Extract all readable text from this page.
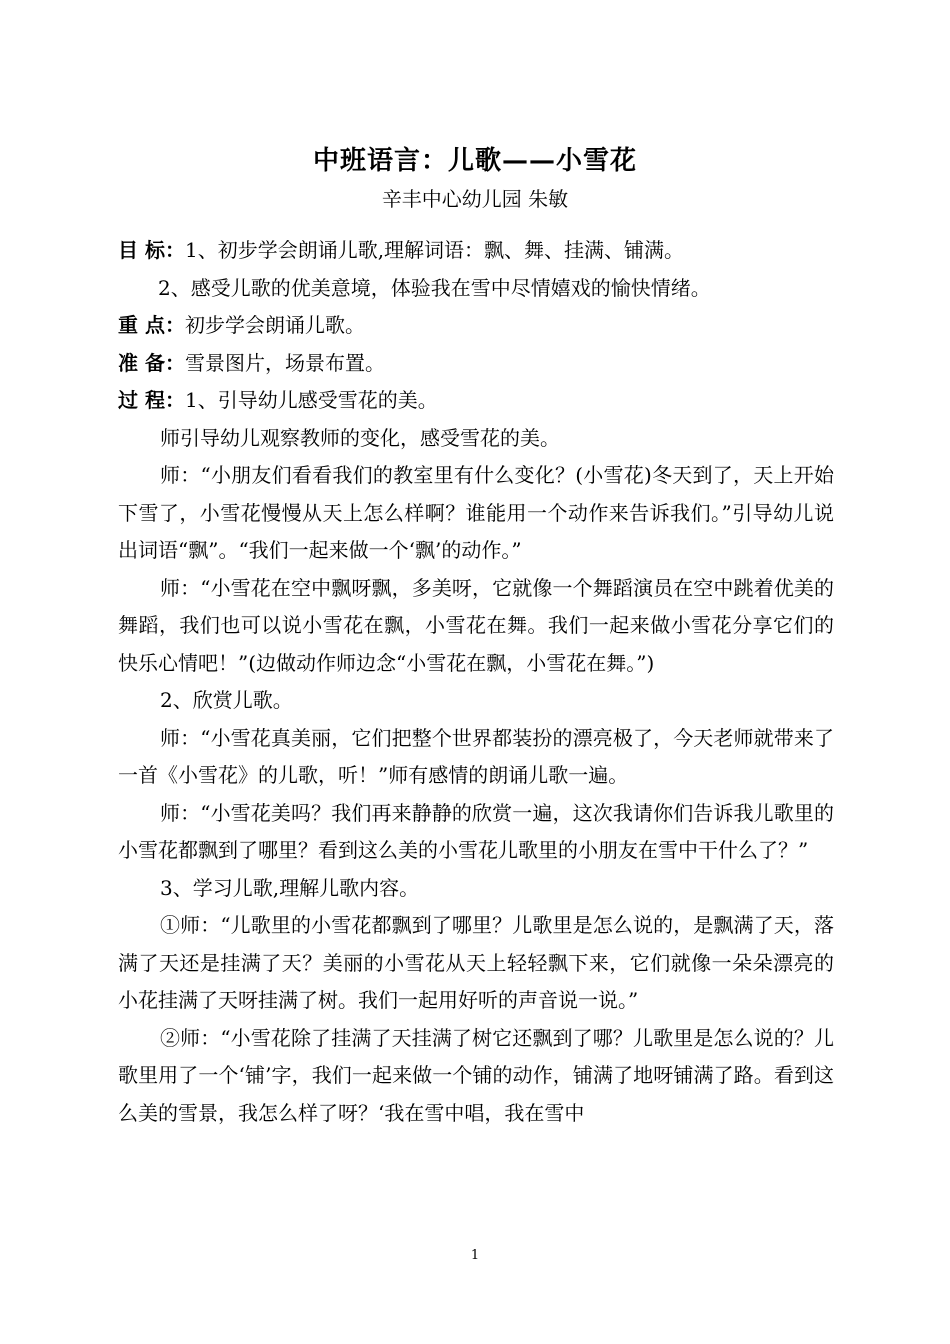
中班语言：儿歌——小雪花
辛丰中心幼儿园 朱敏

目 标：1、初步学会朗诵儿歌,理解词语：飘、舞、挂满、铺满。

2、感受儿歌的优美意境，体验我在雪中尽情嬉戏的愉快情绪。

重 点：初步学会朗诵儿歌。

准 备：雪景图片，场景布置。

过 程：1、引导幼儿感受雪花的美。

师引导幼儿观察教师的变化，感受雪花的美。

师：“小朋友们看看我们的教室里有什么变化？(小雪花)冬天到了，天上开始下雪了，小雪花慢慢从天上怎么样啊？谁能用一个动作来告诉我们。”引导幼儿说出词语“飘”。“我们一起来做一个‘飘’的动作。”

师：“小雪花在空中飘呀飘，多美呀，它就像一个舞蹈演员在空中跳着优美的舞蹈，我们也可以说小雪花在飘，小雪花在舞。我们一起来做小雪花分享它们的快乐心情吧！”(边做动作师边念“小雪花在飘，小雪花在舞。”)

2、欣赏儿歌。

师：“小雪花真美丽，它们把整个世界都装扮的漂亮极了，今天老师就带来了一首《小雪花》的儿歌，听！”师有感情的朗诵儿歌一遍。

师：“小雪花美吗？我们再来静静的欣赏一遍，这次我请你们告诉我儿歌里的小雪花都飘到了哪里？看到这么美的小雪花儿歌里的小朋友在雪中干什么了？”

3、学习儿歌,理解儿歌内容。

①师：“儿歌里的小雪花都飘到了哪里？儿歌里是怎么说的，是飘满了天，落满了天还是挂满了天？美丽的小雪花从天上轻轻飘下来，它们就像一朵朵漂亮的小花挂满了天呀挂满了树。我们一起用好听的声音说一说。”

②师：“小雪花除了挂满了天挂满了树它还飘到了哪？儿歌里是怎么说的？儿歌里用了一个‘铺’字，我们一起来做一个铺的动作，铺满了地呀铺满了路。看到这么美的雪景，我怎么样了呀？‘我在雪中唱，我在雪中

1
